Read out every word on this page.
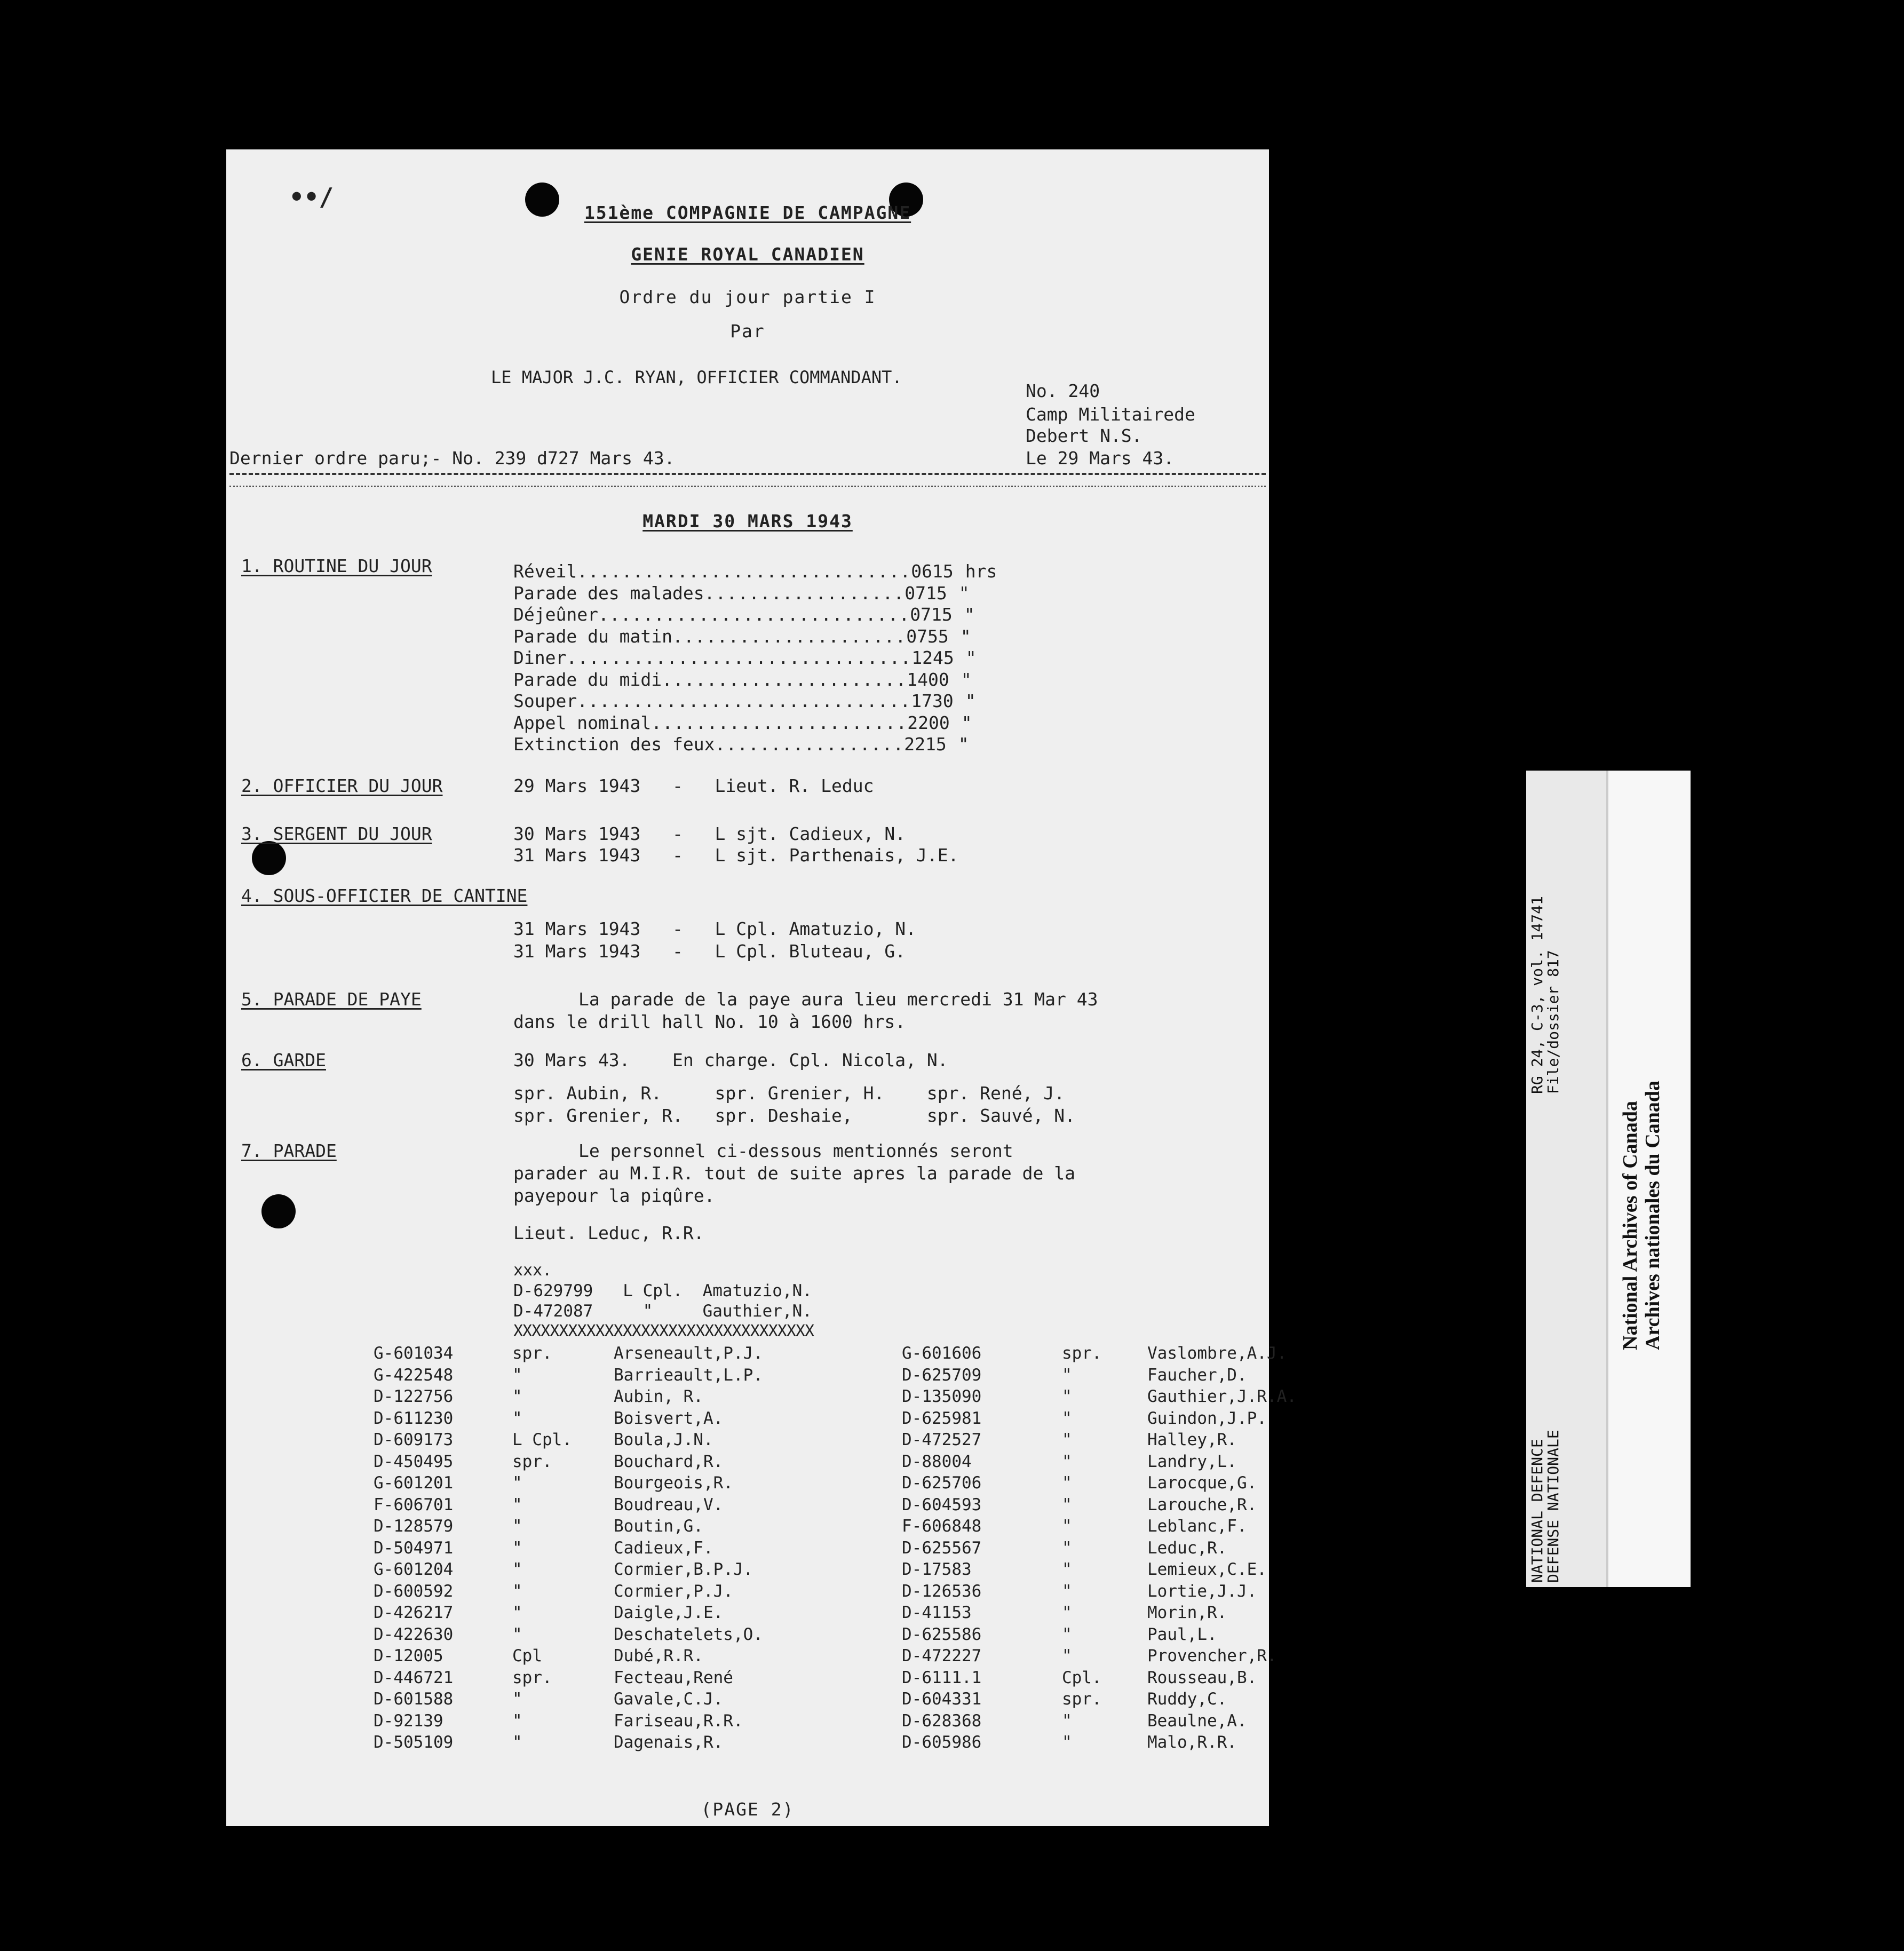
••/
151ème COMPAGNIE DE CAMPAGNE
GENIE ROYAL CANADIEN
Ordre du jour partie I
Par
LE MAJOR J.C. RYAN, OFFICIER COMMANDANT.
No. 240
Camp Militairede
Debert N.S.
Dernier ordre paru;- No. 239 d727 Mars 43.	Le 29 Mars 43.
MARDI 30 MARS 1943
1. ROUTINE DU JOUR	Réveil..............................0615 hrs
Parade des malades..................0715 "
Déjeûner............................0715 "
Parade du matin.....................0755 "
Diner...............................1245 "
Parade du midi......................1400 "
Souper..............................1730 "
Appel nominal.......................2200 "
Extinction des feux.................2215 "
2. OFFICIER DU JOUR	29 Mars 1943   -   Lieut. R. Leduc
3. SERGENT DU JOUR	30 Mars 1943   -   L sjt. Cadieux, N.
31 Mars 1943   -   L sjt. Parthenais, J.E.
4. SOUS-OFFICIER DE CANTINE
31 Mars 1943   -   L Cpl. Amatuzio, N.
31 Mars 1943   -   L Cpl. Bluteau, G.
5. PARADE DE PAYE	La parade de la paye aura lieu mercredi 31 Mar 43
dans le drill hall No. 10 à 1600 hrs.
6. GARDE	30 Mars 43.    En charge. Cpl. Nicola, N.
spr. Aubin, R.     spr. Grenier, H.    spr. René, J.
spr. Grenier, R.   spr. Deshaie,       spr. Sauvé, N.
7. PARADE	Le personnel ci-dessous mentionnés seront
parader au M.I.R. tout de suite apres la parade de la
payepour la piqûre.
Lieut. Leduc, R.R.
xxx.
D-629799   L Cpl.  Amatuzio,N.
D-472087     "     Gauthier,N.
XXXXXXXXXXXXXXXXXXXXXXXXXXXXXXXXX
G-601034	spr.	Arseneault,P.J.	G-601606	spr.	Vaslombre,A.J.
G-422548	"	Barrieault,L.P.	D-625709	"	Faucher,D.
D-122756	"	Aubin, R.	D-135090	"	Gauthier,J.R.A.
D-611230	"	Boisvert,A.	D-625981	"	Guindon,J.P.
D-609173	L Cpl.	Boula,J.N.	D-472527	"	Halley,R.
D-450495	spr.	Bouchard,R.	D-88004	"	Landry,L.
G-601201	"	Bourgeois,R.	D-625706	"	Larocque,G.
F-606701	"	Boudreau,V.	D-604593	"	Larouche,R.
D-128579	"	Boutin,G.	F-606848	"	Leblanc,F.
D-504971	"	Cadieux,F.	D-625567	"	Leduc,R.
G-601204	"	Cormier,B.P.J.	D-17583	"	Lemieux,C.E.
D-600592	"	Cormier,P.J.	D-126536	"	Lortie,J.J.
D-426217	"	Daigle,J.E.	D-41153	"	Morin,R.
D-422630	"	Deschatelets,O.	D-625586	"	Paul,L.
D-12005	Cpl	Dubé,R.R.	D-472227	"	Provencher,R.
D-446721	spr.	Fecteau,René	D-6111.1	Cpl.	Rousseau,B.
D-601588	"	Gavale,C.J.	D-604331	spr.	Ruddy,C.
D-92139	"	Fariseau,R.R.	D-628368	"	Beaulne,A.
D-505109	"	Dagenais,R.	D-605986	"	Malo,R.R.
(PAGE 2)
RG 24, C-3, vol. 14741
File/dossier 817
NATIONAL DEFENCE
DEFENSE NATIONALE
National Archives of Canada Archives nationales du Canada
